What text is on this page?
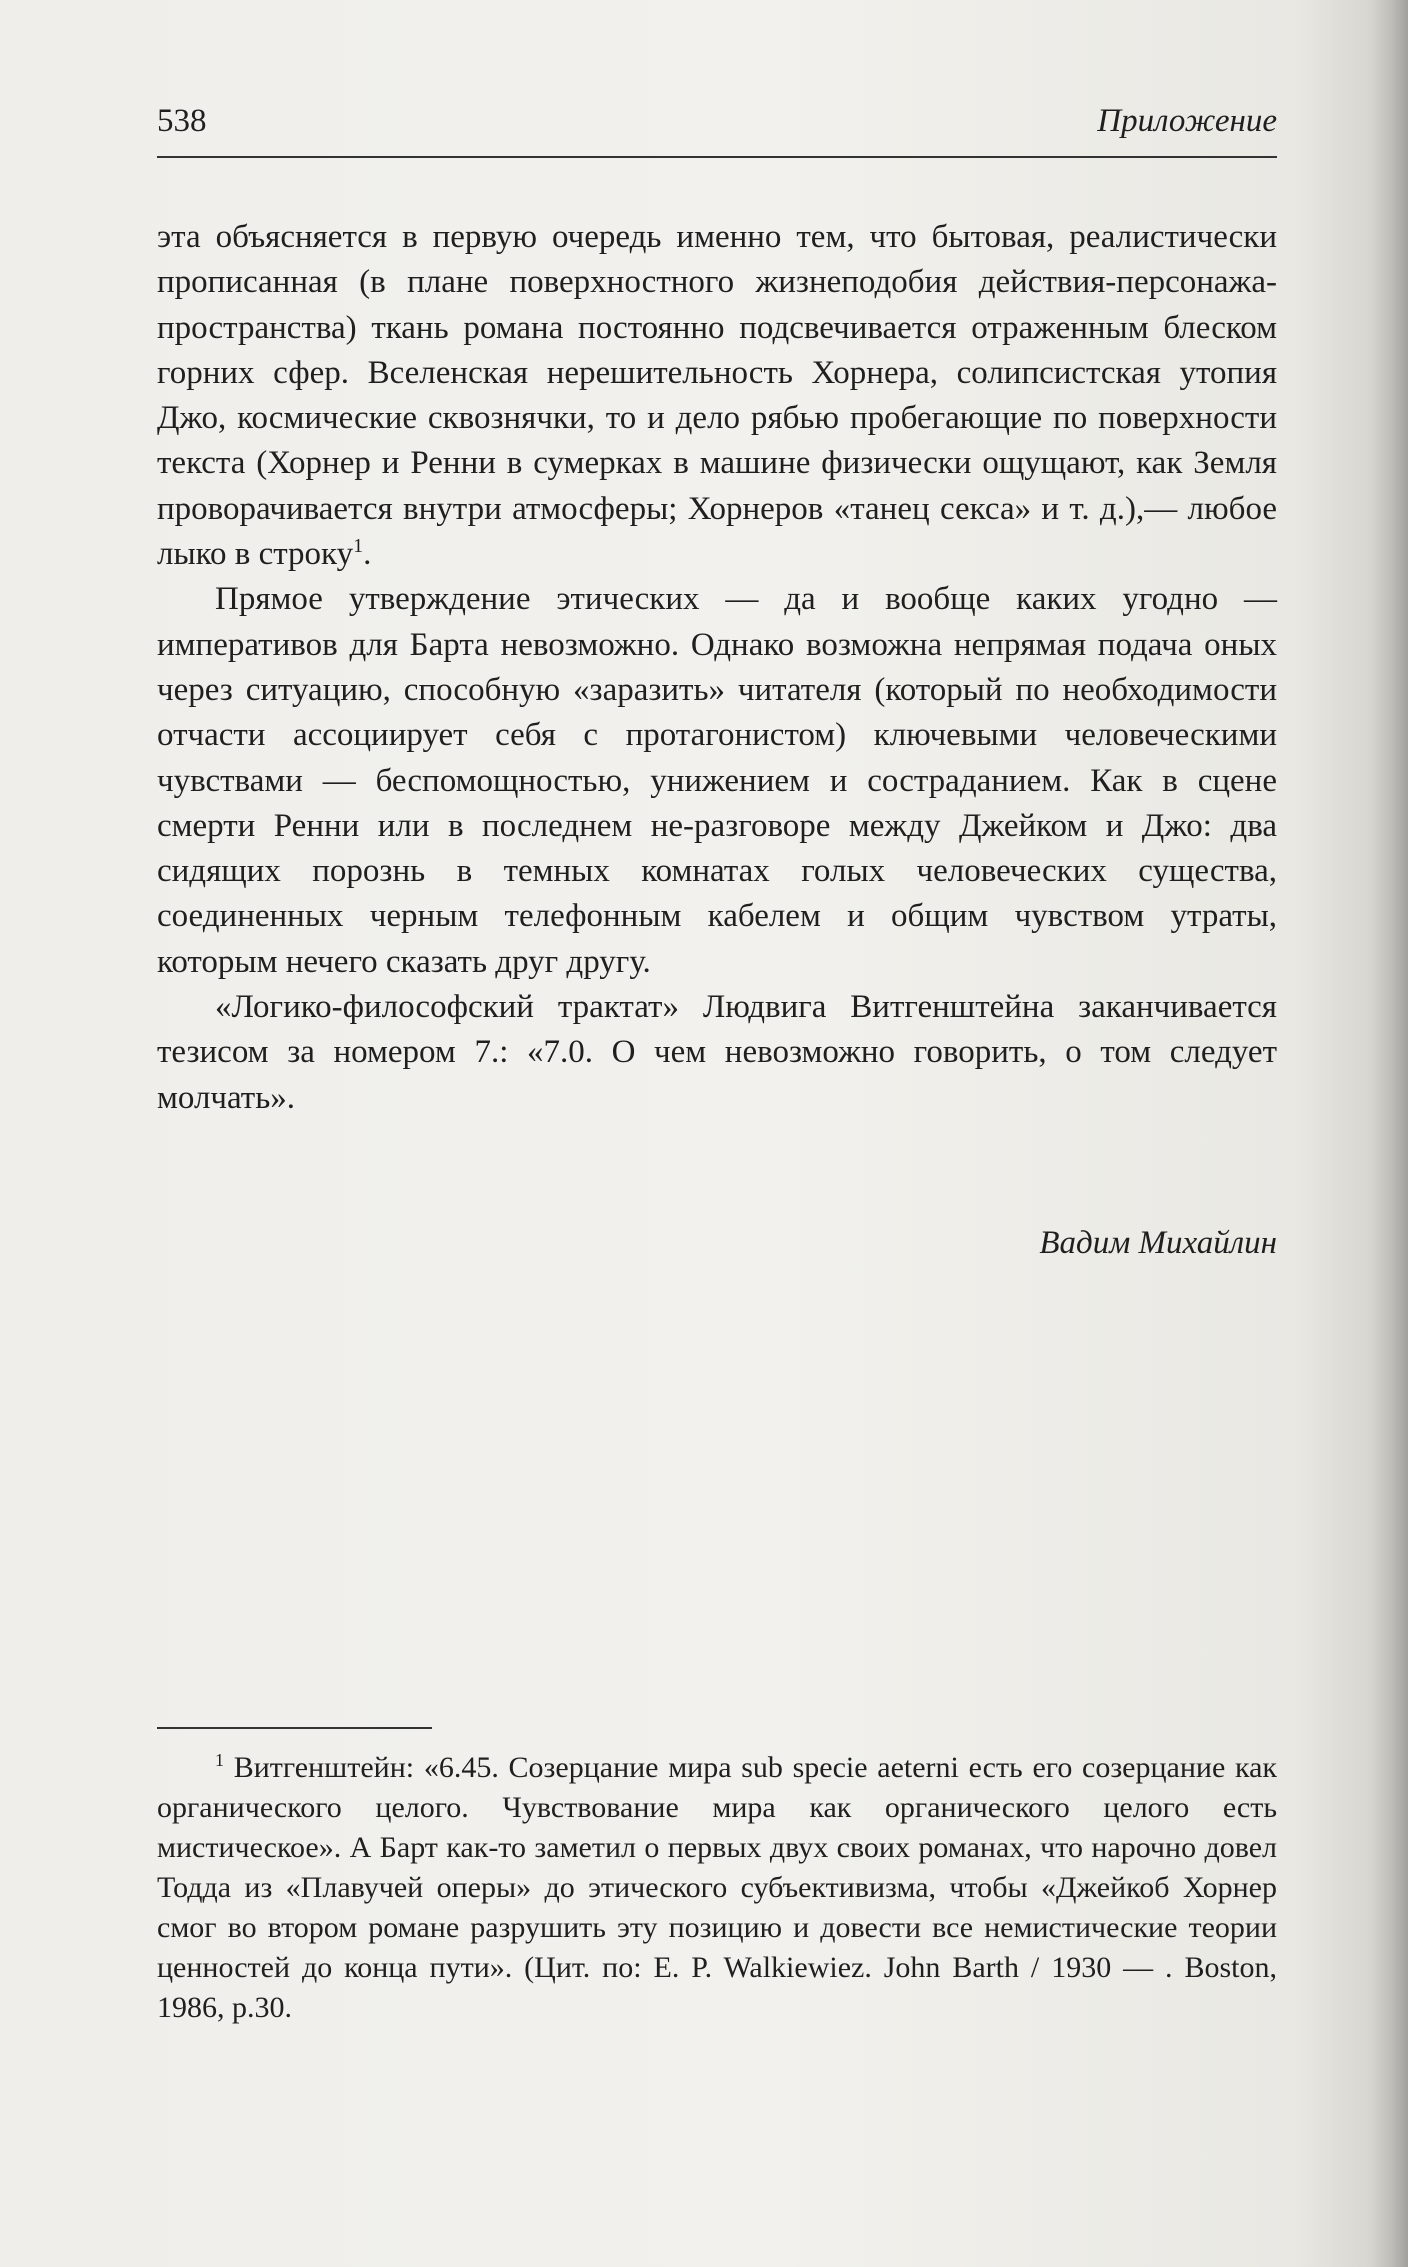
538	Приложение

эта объясняется в первую очередь именно тем, что бытовая, реалистически прописанная (в плане поверхностного жизнеподобия действия-персонажа-пространства) ткань романа постоянно подсвечивается отраженным блеском горних сфер. Вселенская нерешительность Хорнера, солипсистская утопия Джо, космические сквознячки, то и дело рябью пробегающие по поверхности текста (Хорнер и Ренни в сумерках в машине физически ощущают, как Земля проворачивается внутри атмосферы; Хорнеров «танец секса» и т. д.),— любое лыко в строку$^1$.

Прямое утверждение этических — да и вообще каких угодно — императивов для Барта невозможно. Однако возможна непрямая подача оных через ситуацию, способную «заразить» читателя (который по необходимости отчасти ассоциирует себя с протагонистом) ключевыми человеческими чувствами — беспомощностью, унижением и состраданием. Как в сцене смерти Ренни или в последнем не-разговоре между Джейком и Джо: два сидящих порознь в темных комнатах голых человеческих существа, соединенных черным телефонным кабелем и общим чувством утраты, которым нечего сказать друг другу.

«Логико-философский трактат» Людвига Витгенштейна заканчивается тезисом за номером 7.: «7.0. О чем невозможно говорить, о том следует молчать».

Вадим Михайлин

$^1$ Витгенштейн: «6.45. Созерцание мира sub specie aeterni есть его созерцание как органического целого. Чувствование мира как органического целого есть мистическое». А Барт как-то заметил о первых двух своих романах, что нарочно довел Тодда из «Плавучей оперы» до этического субъективизма, чтобы «Джейкоб Хорнер смог во втором романе разрушить эту позицию и довести все немистические теории ценностей до конца пути». (Цит. по: E. P. Walkiewiez. John Barth / 1930 — . Boston, 1986, p.30.
